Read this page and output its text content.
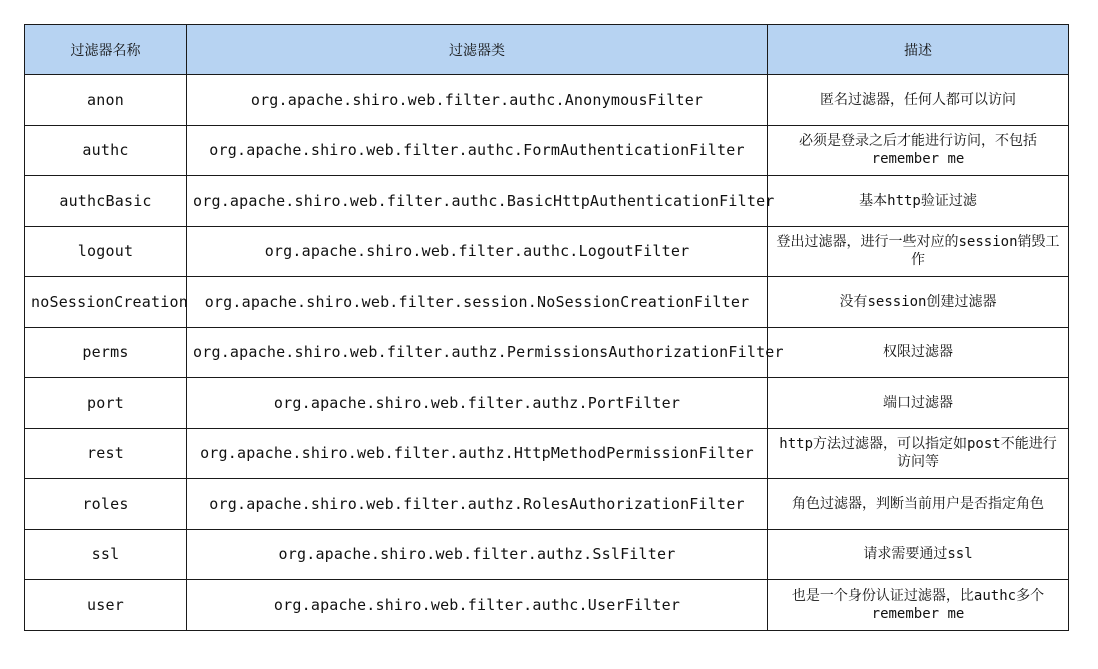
过滤器名称	过滤器类	描述
anon	org.apache.shiro.web.filter.authc.AnonymousFilter	匿名过滤器，任何人都可以访问
authc	org.apache.shiro.web.filter.authc.FormAuthenticationFilter	必须是登录之后才能进行访问，不包括remember me
authcBasic	org.apache.shiro.web.filter.authc.BasicHttpAuthenticationFilter	基本http验证过滤
logout	org.apache.shiro.web.filter.authc.LogoutFilter	登出过滤器，进行一些对应的session销毁工作
noSessionCreation	org.apache.shiro.web.filter.session.NoSessionCreationFilter	没有session创建过滤器
perms	org.apache.shiro.web.filter.authz.PermissionsAuthorizationFilter	权限过滤器
port	org.apache.shiro.web.filter.authz.PortFilter	端口过滤器
rest	org.apache.shiro.web.filter.authz.HttpMethodPermissionFilter	http方法过滤器，可以指定如post不能进行访问等
roles	org.apache.shiro.web.filter.authz.RolesAuthorizationFilter	角色过滤器，判断当前用户是否指定角色
ssl	org.apache.shiro.web.filter.authz.SslFilter	请求需要通过ssl
user	org.apache.shiro.web.filter.authc.UserFilter	也是一个身份认证过滤器，比authc多个remember me
